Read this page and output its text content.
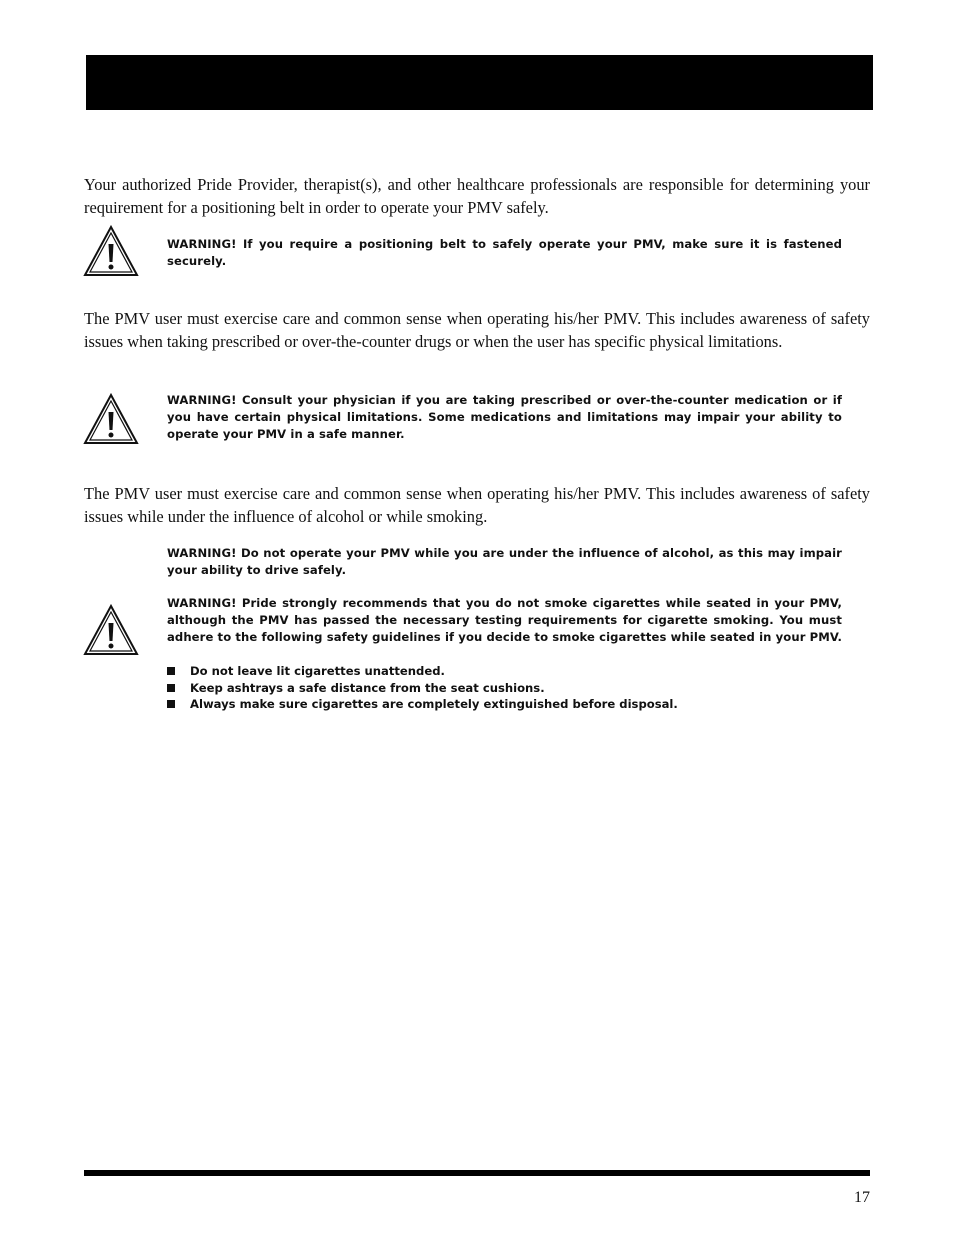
Your authorized Pride Provider, therapist(s), and other healthcare professionals are responsible for determining your requirement for a positioning belt in order to operate your PMV safely.

WARNING! If you require a positioning belt to safely operate your PMV, make sure it is fastened securely.

The PMV user must exercise care and common sense when operating his/her PMV. This includes awareness of safety issues when taking prescribed or over-the-counter drugs or when the user has specific physical limitations.

WARNING! Consult your physician if you are taking prescribed or over-the-counter medication or if you have certain physical limitations. Some medications and limitations may impair your ability to operate your PMV in a safe manner.

The PMV user must exercise care and common sense when operating his/her PMV. This includes awareness of safety issues while under the influence of alcohol or while smoking.

WARNING! Do not operate your PMV while you are under the influence of alcohol, as this may impair your ability to drive safely.

WARNING! Pride strongly recommends that you do not smoke cigarettes while seated in your PMV, although the PMV has passed the necessary testing requirements for cigarette smoking. You must adhere to the following safety guidelines if you decide to smoke cigarettes while seated in your PMV.

Do not leave lit cigarettes unattended.
Keep ashtrays a safe distance from the seat cushions.
Always make sure cigarettes are completely extinguished before disposal.
17
